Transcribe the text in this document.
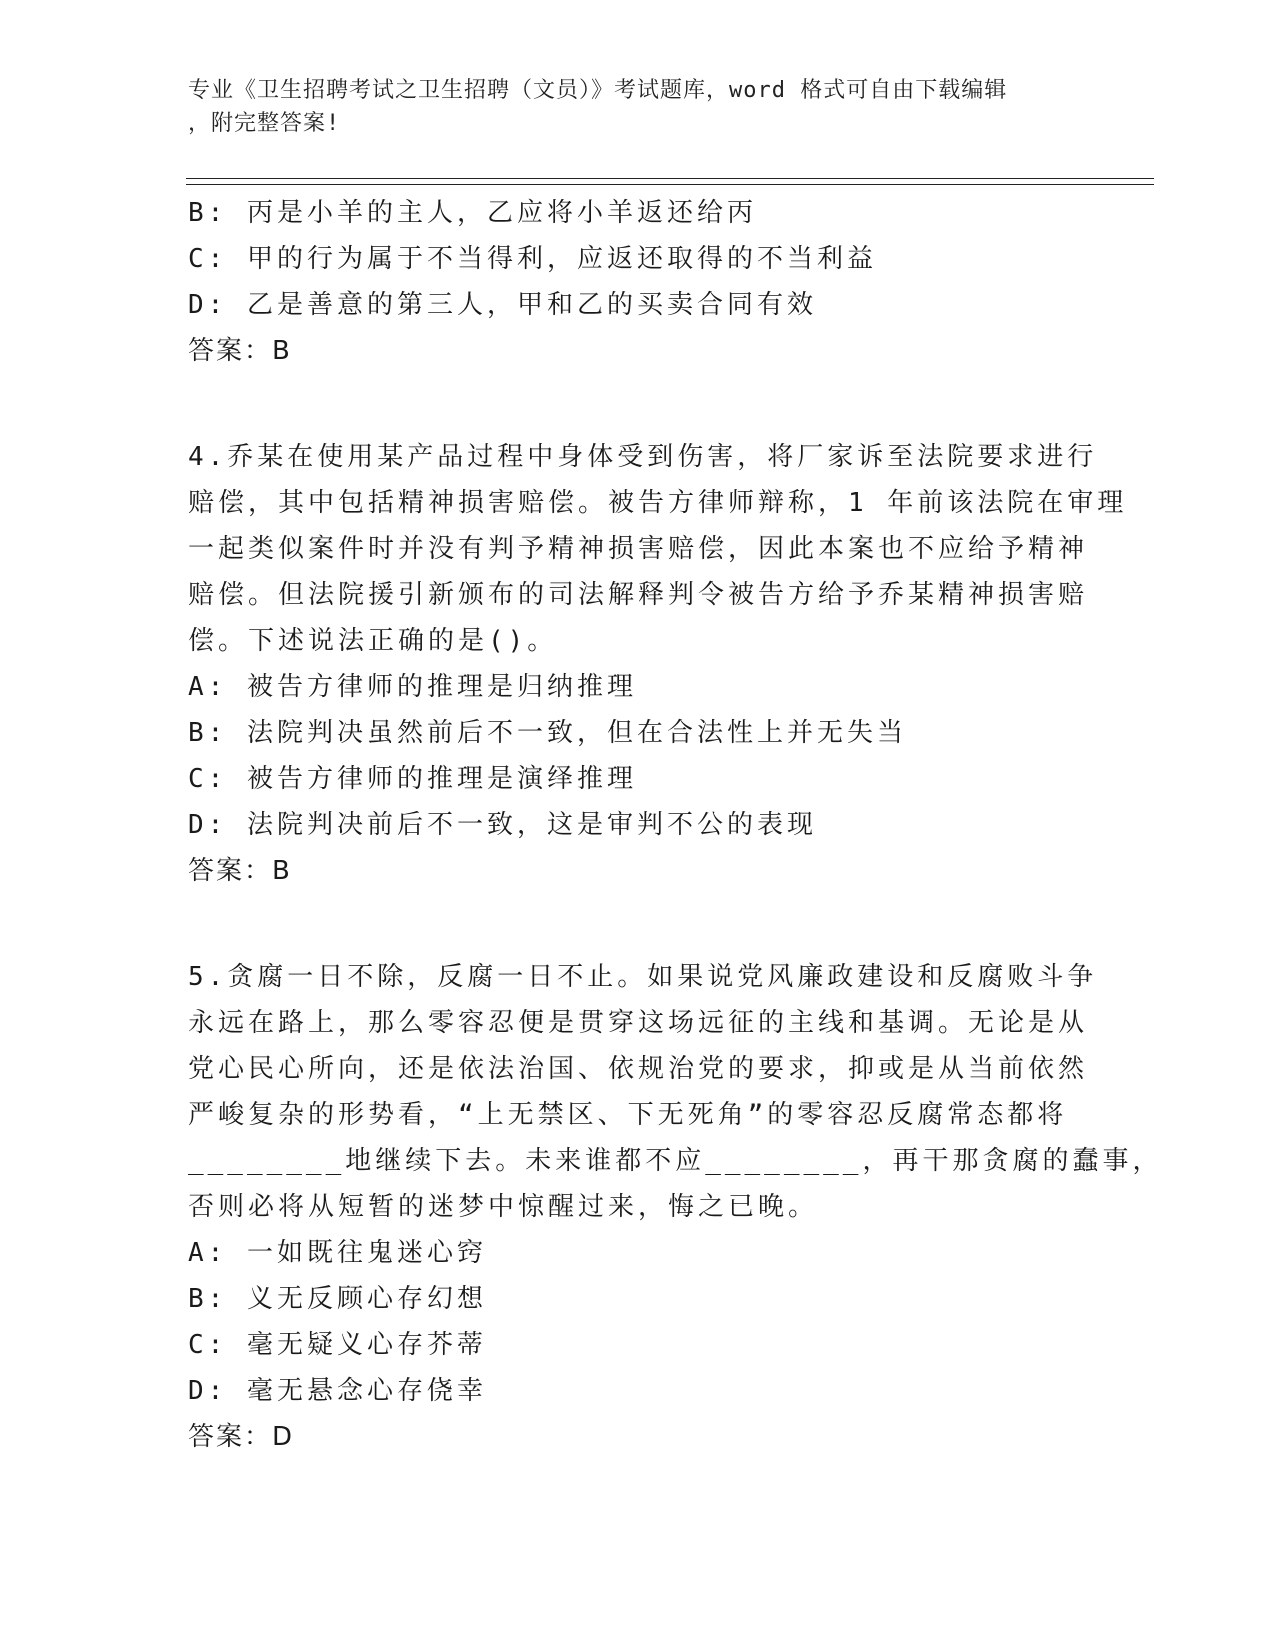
专业《卫生招聘考试之卫生招聘（文员）》考试题库，word 格式可自由下载编辑
，附完整答案!
B: 丙是小羊的主人，乙应将小羊返还给丙
C: 甲的行为属于不当得利，应返还取得的不当利益
D: 乙是善意的第三人，甲和乙的买卖合同有效
答案：B
4.乔某在使用某产品过程中身体受到伤害，将厂家诉至法院要求进行
赔偿，其中包括精神损害赔偿。被告方律师辩称，1 年前该法院在审理
一起类似案件时并没有判予精神损害赔偿，因此本案也不应给予精神
赔偿。但法院援引新颁布的司法解释判令被告方给予乔某精神损害赔
偿。下述说法正确的是()。
A: 被告方律师的推理是归纳推理
B: 法院判决虽然前后不一致，但在合法性上并无失当
C: 被告方律师的推理是演绎推理
D: 法院判决前后不一致，这是审判不公的表现
答案：B
5.贪腐一日不除，反腐一日不止。如果说党风廉政建设和反腐败斗争
永远在路上，那么零容忍便是贯穿这场远征的主线和基调。无论是从
党心民心所向，还是依法治国、依规治党的要求，抑或是从当前依然
严峻复杂的形势看，“上无禁区、下无死角”的零容忍反腐常态都将
________地继续下去。未来谁都不应________，再干那贪腐的蠢事，
否则必将从短暂的迷梦中惊醒过来，悔之已晚。
A: 一如既往鬼迷心窍
B: 义无反顾心存幻想
C: 毫无疑义心存芥蒂
D: 毫无悬念心存侥幸
答案：D
